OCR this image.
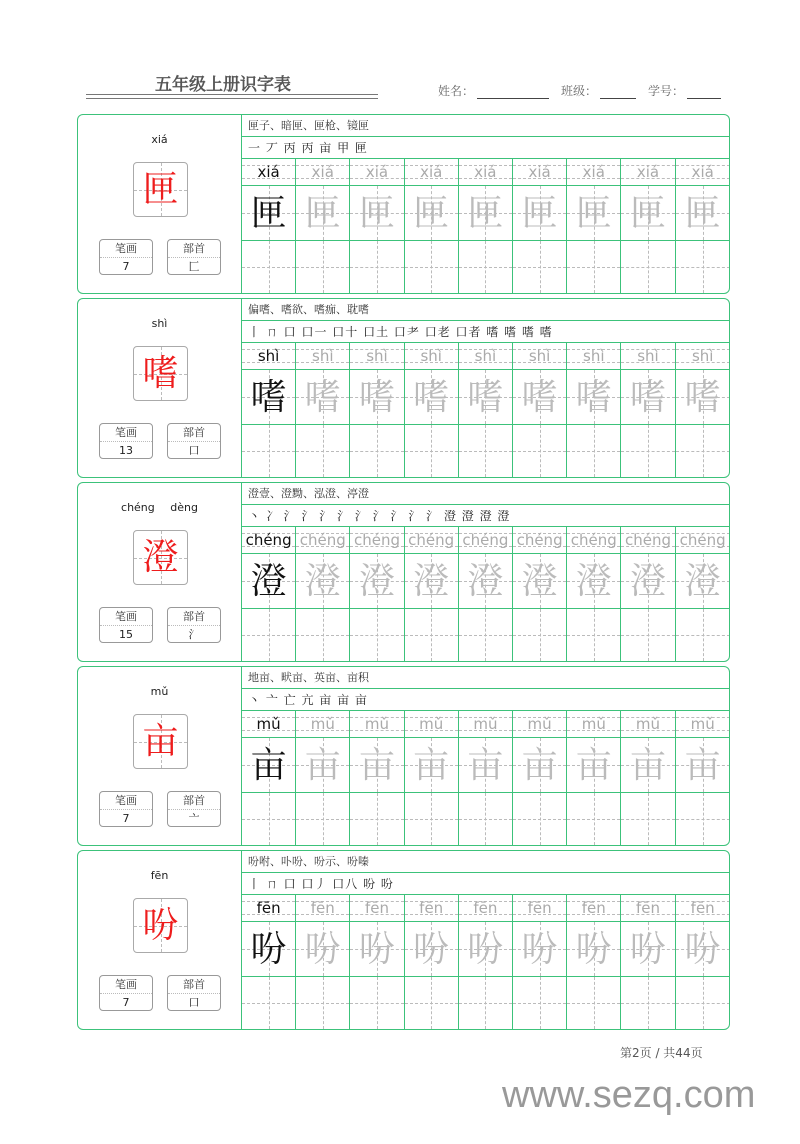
五年级上册识字表	姓名：	班级：	学号：
xiá
匣
笔画
7
部首
匚
匣子、暗匣、匣枪、镜匣
一 丆 丙 丙 亩 甲 匣
xiá
匣
xiá
匣
xiá
匣
xiá
匣
xiá
匣
xiá
匣
xiá
匣
xiá
匣
xiá
匣
shì
嗜
笔画
13
部首
口
偏嗜、嗜欲、嗜痂、耽嗜
丨 ㄇ 口 口一 口十 口土 口耂 口老 口者 嗜 嗜 嗜 嗜
shì
嗜
shì
嗜
shì
嗜
shì
嗜
shì
嗜
shì
嗜
shì
嗜
shì
嗜
shì
嗜
chéng dèng
澄
笔画
15
部首
氵
澄壹、澄黝、泓澄、渟澄
丶 冫 氵 氵 氵 氵 氵 氵 氵 氵 氵 澄 澄 澄 澄
chéng
澄
chéng
澄
chéng
澄
chéng
澄
chéng
澄
chéng
澄
chéng
澄
chéng
澄
chéng
澄
mǔ
亩
笔画
7
部首
亠
地亩、畎亩、英亩、亩积
丶 亠 亡 亢 亩 亩 亩
mǔ
亩
mǔ
亩
mǔ
亩
mǔ
亩
mǔ
亩
mǔ
亩
mǔ
亩
mǔ
亩
mǔ
亩
fēn
吩
笔画
7
部首
口
吩咐、卟吩、吩示、吩嗪
丨 ㄇ 口 口丿 口八 吩 吩
fēn
吩
fēn
吩
fēn
吩
fēn
吩
fēn
吩
fēn
吩
fēn
吩
fēn
吩
fēn
吩
第2页 / 共44页
www.sezq.com
